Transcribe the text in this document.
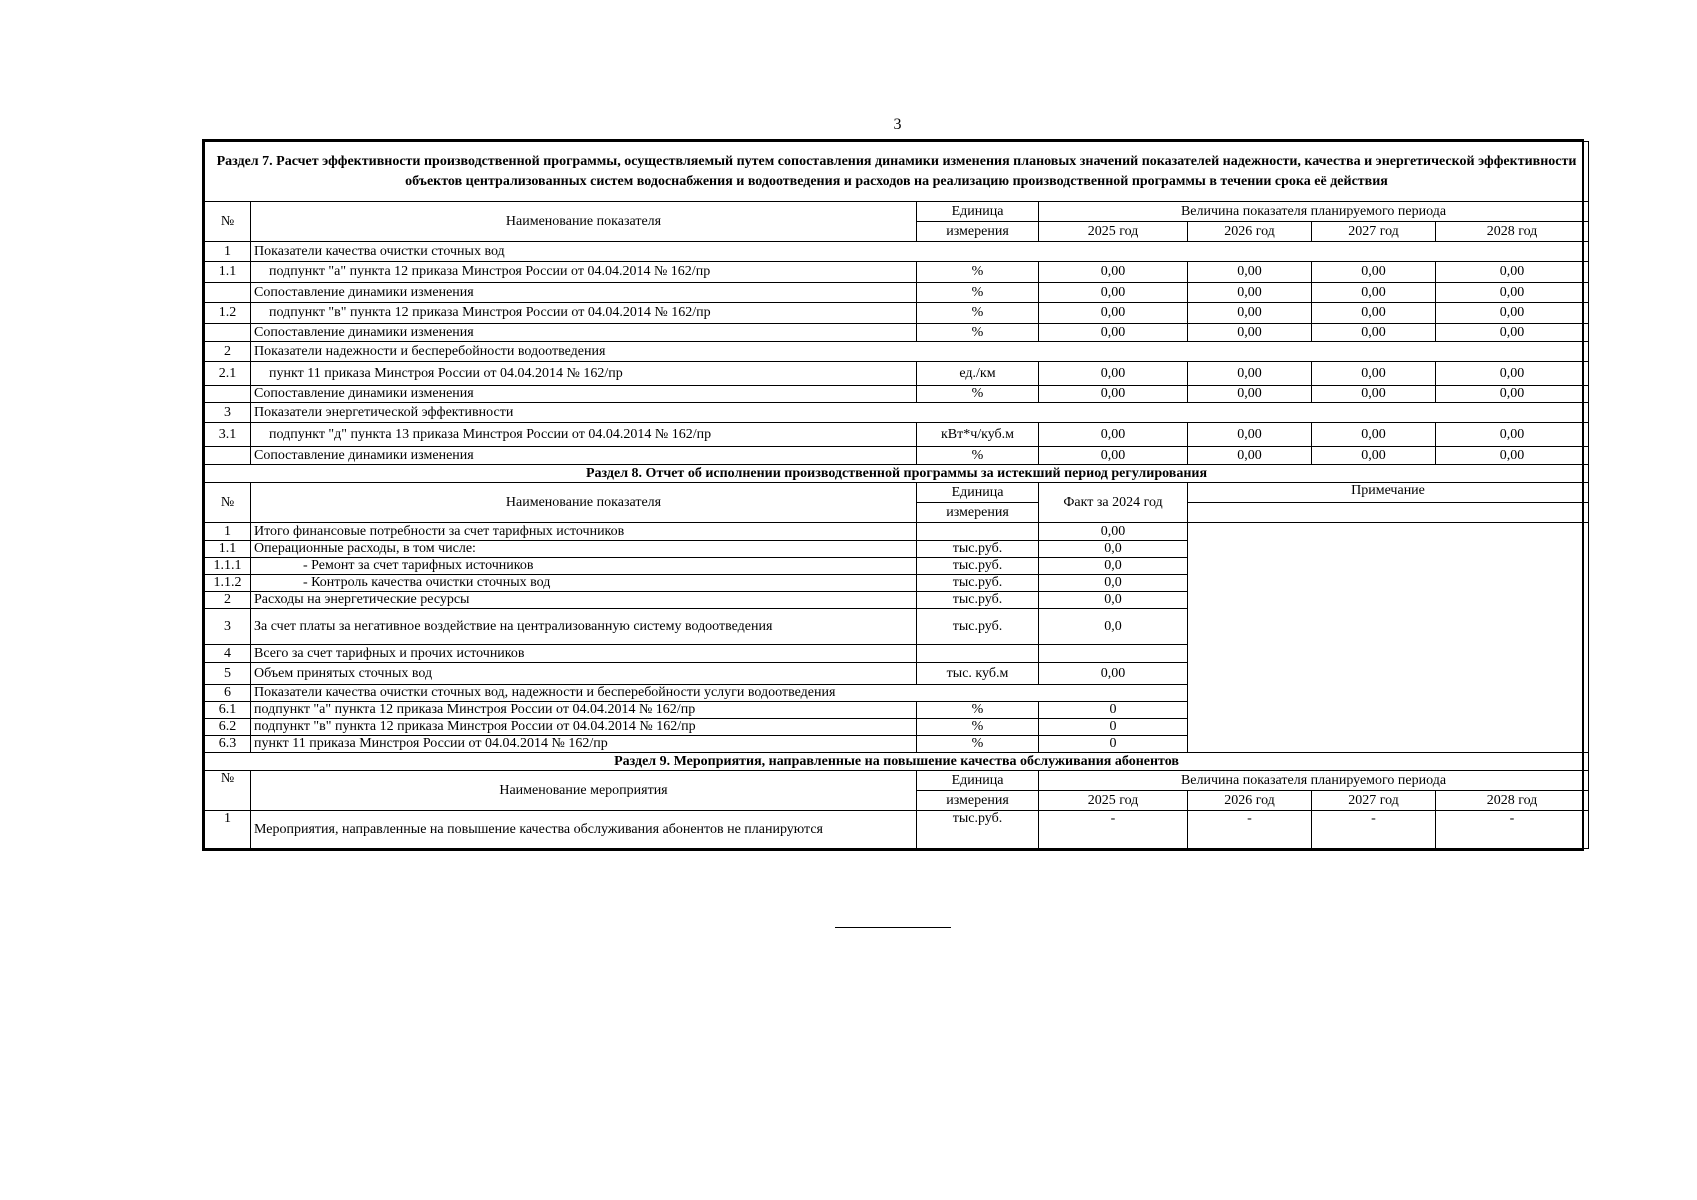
3
Раздел 7. Расчет эффективности производственной программы, осуществляемый путем сопоставления динамики изменения плановых значений показателей надежности, качества и энергетической эффективности объектов централизованных систем водоснабжения и водоотведения и расходов на реализацию производственной программы в течении срока её действия						
№	Наименование показателя	Единица	Величина показателя планируемого периода			
		измерения	2025 год	2026 год	2027 год	2028 год
1	Показатели качества очистки сточных вод					
1.1	подпункт "а" пункта 12 приказа Минстроя России от 04.04.2014 № 162/пр	%	0,00	0,00	0,00	0,00
	Сопоставление динамики изменения	%	0,00	0,00	0,00	0,00
1.2	подпункт "в" пункта 12 приказа Минстроя России от 04.04.2014 № 162/пр	%	0,00	0,00	0,00	0,00
	Сопоставление динамики изменения	%	0,00	0,00	0,00	0,00
2	Показатели надежности и бесперебойности водоотведения					
2.1	пункт 11 приказа Минстроя России от 04.04.2014 № 162/пр	ед./км	0,00	0,00	0,00	0,00
	Сопоставление динамики изменения	%	0,00	0,00	0,00	0,00
3	Показатели энергетической эффективности					
3.1	подпункт "д" пункта 13 приказа Минстроя России от 04.04.2014 № 162/пр	кВт*ч/куб.м	0,00	0,00	0,00	0,00
	Сопоставление динамики изменения	%	0,00	0,00	0,00	0,00
Раздел 8. Отчет об исполнении производственной программы за истекший период регулирования						
№	Наименование показателя	Единица	Факт за 2024 год	Примечание		
		измерения				
1	Итого финансовые потребности за счет тарифных источников		0,00			
1.1	Операционные расходы, в том числе:	тыс.руб.	0,0			
1.1.1	- Ремонт за счет тарифных источников	тыс.руб.	0,0			
1.1.2	- Контроль качества очистки сточных вод	тыс.руб.	0,0			
2	Расходы на энергетические ресурсы	тыс.руб.	0,0			
3	За счет платы за негативное воздействие на централизованную систему водоотведения	тыс.руб.	0,0			
4	Всего за счет тарифных и прочих источников					
5	Объем принятых сточных вод	тыс. куб.м	0,00			
6	Показатели качества очистки сточных вод, надежности и бесперебойности услуги водоотведения					
6.1	подпункт "а" пункта 12 приказа Минстроя России от 04.04.2014 № 162/пр	%	0			
6.2	подпункт "в" пункта 12 приказа Минстроя России от 04.04.2014 № 162/пр	%	0			
6.3	пункт 11 приказа Минстроя России от 04.04.2014 № 162/пр	%	0			
Раздел 9. Мероприятия, направленные на повышение качества обслуживания абонентов						
№	Наименование мероприятия	Единица	Величина показателя планируемого периода			
		измерения	2025 год	2026 год	2027 год	2028 год
1	Мероприятия, направленные на повышение качества обслуживания абонентов не планируются	тыс.руб.	-	-	-	-
